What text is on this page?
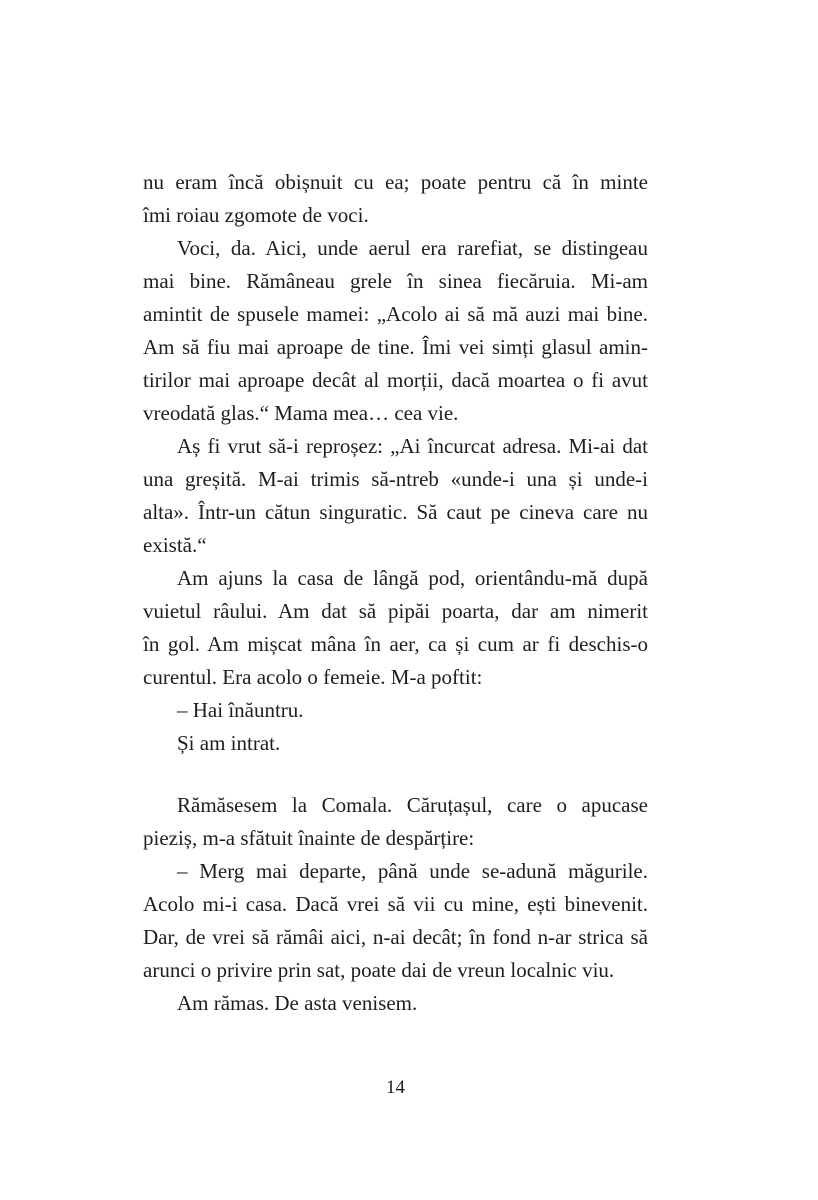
nu eram încă obișnuit cu ea; poate pentru că în minte
îmi roiau zgomote de voci.
Voci, da. Aici, unde aerul era rarefiat, se distingeau
mai bine. Rămâneau grele în sinea fiecăruia. Mi-am
amintit de spusele mamei: „Acolo ai să mă auzi mai bine.
Am să fiu mai aproape de tine. Îmi vei simți glasul amin-
tirilor mai aproape decât al morții, dacă moartea o fi avut
vreodată glas.“ Mama mea… cea vie.
Aș fi vrut să-i reproșez: „Ai încurcat adresa. Mi-ai dat
una greșită. M-ai trimis să-ntreb «unde-i una și unde-i
alta». Într-un cătun singuratic. Să caut pe cineva care nu
există.“
Am ajuns la casa de lângă pod, orientându-mă după
vuietul râului. Am dat să pipăi poarta, dar am nimerit
în gol. Am mișcat mâna în aer, ca și cum ar fi deschis-o
curentul. Era acolo o femeie. M-a poftit:
– Hai înăuntru.
Și am intrat.
Rămăsesem la Comala. Căruțașul, care o apucase
pieziș, m-a sfătuit înainte de despărțire:
– Merg mai departe, până unde se-adună măgurile.
Acolo mi-i casa. Dacă vrei să vii cu mine, ești binevenit.
Dar, de vrei să rămâi aici, n-ai decât; în fond n-ar strica să
arunci o privire prin sat, poate dai de vreun localnic viu.
Am rămas. De asta venisem.
14
